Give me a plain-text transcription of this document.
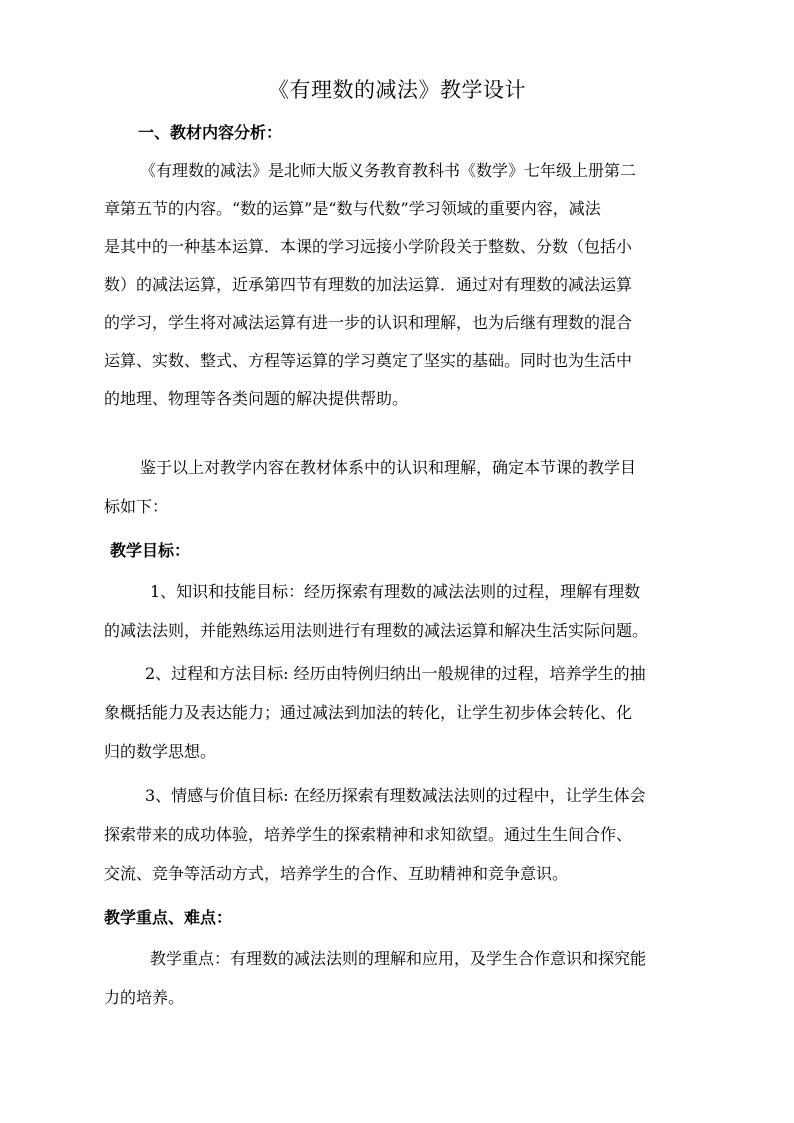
《有理数的减法》教学设计
一、教材内容分析：
《有理数的减法》是北师大版义务教育教科书《数学》七年级上册第二
章第五节的内容。“数的运算”是“数与代数”学习领域的重要内容，减法
是其中的一种基本运算．本课的学习远接小学阶段关于整数、分数（包括小
数）的减法运算，近承第四节有理数的加法运算．通过对有理数的减法运算
的学习，学生将对减法运算有进一步的认识和理解，也为后继有理数的混合
运算、实数、整式、方程等运算的学习奠定了坚实的基础。同时也为生活中
的地理、物理等各类问题的解决提供帮助。
鉴于以上对教学内容在教材体系中的认识和理解，确定本节课的教学目
标如下：
教学目标：
1、知识和技能目标：经历探索有理数的减法法则的过程，理解有理数
的减法法则，并能熟练运用法则进行有理数的减法运算和解决生活实际问题。
2、过程和方法目标: 经历由特例归纳出一般规律的过程，培养学生的抽
象概括能力及表达能力；通过减法到加法的转化，让学生初步体会转化、化
归的数学思想。
3、情感与价值目标: 在经历探索有理数减法法则的过程中，让学生体会
探索带来的成功体验，培养学生的探索精神和求知欲望。通过生生间合作、
交流、竞争等活动方式，培养学生的合作、互助精神和竞争意识。
教学重点、难点：
教学重点：有理数的减法法则的理解和应用，及学生合作意识和探究能
力的培养。
